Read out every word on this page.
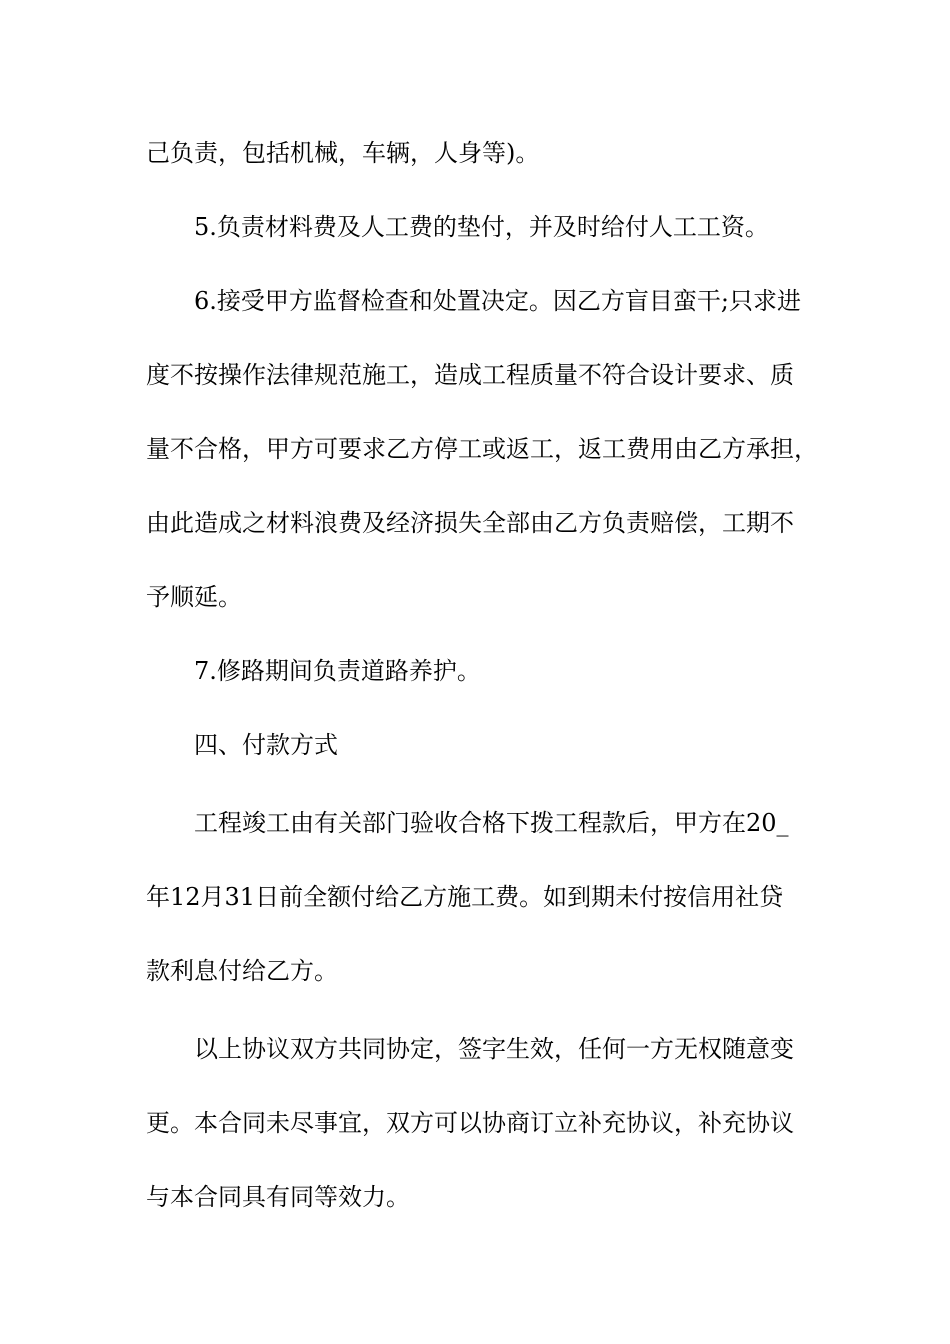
己负责，包括机械，车辆，人身等)。
5.负责材料费及人工费的垫付，并及时给付人工工资。
6.接受甲方监督检查和处置决定。因乙方盲目蛮干;只求进
度不按操作法律规范施工，造成工程质量不符合设计要求、质
量不合格，甲方可要求乙方停工或返工，返工费用由乙方承担，
由此造成之材料浪费及经济损失全部由乙方负责赔偿，工期不
予顺延。
7.修路期间负责道路养护。
四、付款方式
工程竣工由有关部门验收合格下拨工程款后，甲方在20_
年12月31日前全额付给乙方施工费。如到期未付按信用社贷
款利息付给乙方。
以上协议双方共同协定，签字生效，任何一方无权随意变
更。本合同未尽事宜，双方可以协商订立补充协议，补充协议
与本合同具有同等效力。
